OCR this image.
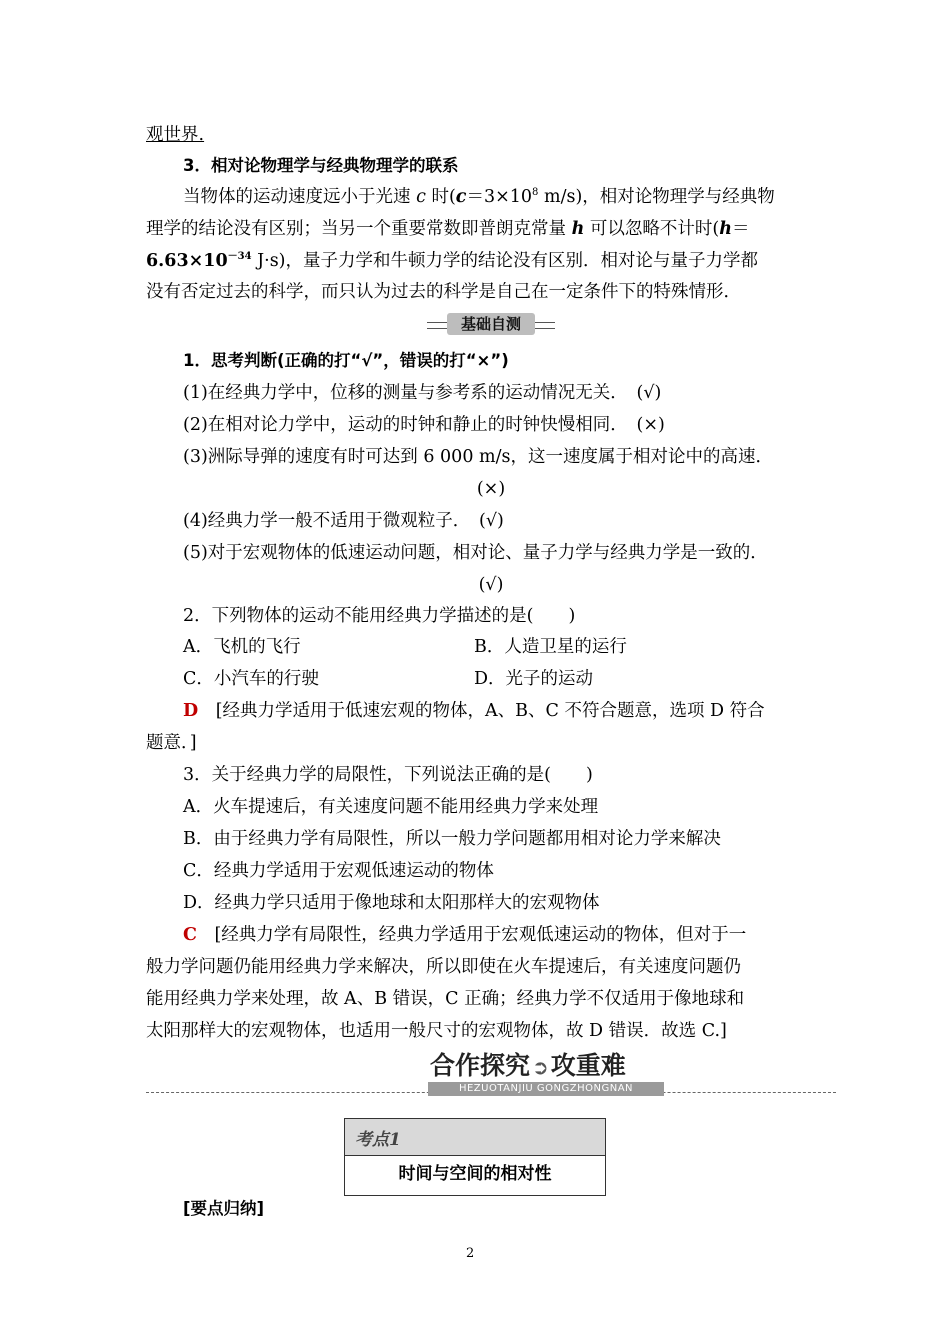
观世界.
3．相对论物理学与经典物理学的联系
当物体的运动速度远小于光速 c 时($c=3\times 10^8$ m/s)，相对论物理学与经典物
理学的结论没有区别；当另一个重要常数即普朗克常量 h 可以忽略不计时(h＝
$6.63\times 10^{-34}$ J·s)，量子力学和牛顿力学的结论没有区别．相对论与量子力学都
没有否定过去的科学，而只认为过去的科学是自己在一定条件下的特殊情形．
基础自测
1．思考判断(正确的打“√”，错误的打“×”)
(1)在经典力学中，位移的测量与参考系的运动情况无关．　(√)
(2)在相对论力学中，运动的时钟和静止的时钟快慢相同．　(×)
(3)洲际导弹的速度有时可达到 6 000 m/s，这一速度属于相对论中的高速．
(×)
(4)经典力学一般不适用于微观粒子．　(√)
(5)对于宏观物体的低速运动问题，相对论、量子力学与经典力学是一致的．
(√)
2．下列物体的运动不能用经典力学描述的是(　　)
A．飞机的飞行	B．人造卫星的运行
C．小汽车的行驶	D．光子的运动
D　 [经典力学适用于低速宏观的物体，A、B、C 不符合题意，选项 D 符合
题意．]
3．关于经典力学的局限性，下列说法正确的是(　　)
A．火车提速后，有关速度问题不能用经典力学来处理
B．由于经典力学有局限性，所以一般力学问题都用相对论力学来解决
C．经典力学适用于宏观低速运动的物体
D．经典力学只适用于像地球和太阳那样大的宏观物体
C　 [经典力学有局限性，经典力学适用于宏观低速运动的物体，但对于一
般力学问题仍能用经典力学来解决，所以即使在火车提速后，有关速度问题仍
能用经典力学来处理，故 A、B 错误，C 正确；经典力学不仅适用于像地球和
太阳那样大的宏观物体，也适用一般尺寸的宏观物体，故 D 错误．故选 C.]
合作探究 ➲攻重难
HEZUOTANJIU GONGZHONGNAN
考点1
时间与空间的相对性
[要点归纳]
2
